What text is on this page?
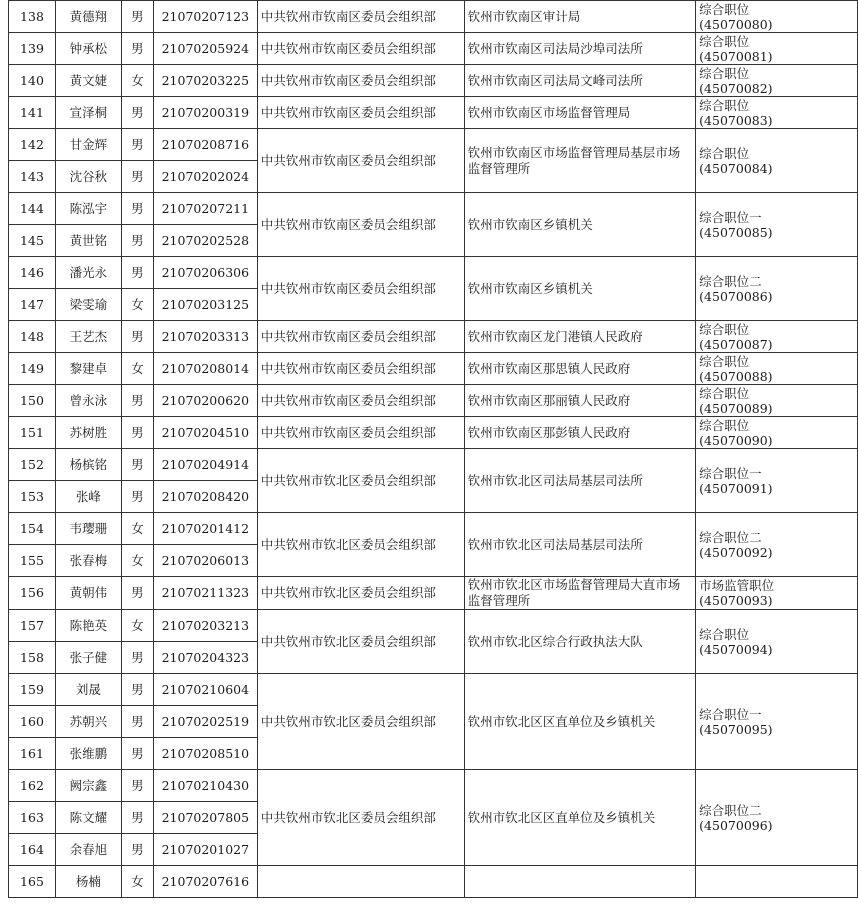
138	黄德翔	男	21070207123	中共钦州市钦南区委员会组织部	钦州市钦南区审计局	综合职位
(45070080)
139	钟承松	男	21070205924	中共钦州市钦南区委员会组织部	钦州市钦南区司法局沙埠司法所	综合职位
(45070081)
140	黄文婕	女	21070203225	中共钦州市钦南区委员会组织部	钦州市钦南区司法局文峰司法所	综合职位
(45070082)
141	宣泽桐	男	21070200319	中共钦州市钦南区委员会组织部	钦州市钦南区市场监督管理局	综合职位
(45070083)
142	甘金辉	男	21070208716	中共钦州市钦南区委员会组织部	钦州市钦南区市场监督管理局基层市场监督管理所	综合职位
(45070084)
143	沈谷秋	男	21070202024			
144	陈泓宇	男	21070207211	中共钦州市钦南区委员会组织部	钦州市钦南区乡镇机关	综合职位一
(45070085)
145	黄世铭	男	21070202528			
146	潘光永	男	21070206306	中共钦州市钦南区委员会组织部	钦州市钦南区乡镇机关	综合职位二
(45070086)
147	梁雯瑜	女	21070203125			
148	王艺杰	男	21070203313	中共钦州市钦南区委员会组织部	钦州市钦南区龙门港镇人民政府	综合职位
(45070087)
149	黎建卓	女	21070208014	中共钦州市钦南区委员会组织部	钦州市钦南区那思镇人民政府	综合职位
(45070088)
150	曾永泳	男	21070200620	中共钦州市钦南区委员会组织部	钦州市钦南区那丽镇人民政府	综合职位
(45070089)
151	苏树胜	男	21070204510	中共钦州市钦南区委员会组织部	钦州市钦南区那彭镇人民政府	综合职位
(45070090)
152	杨槟铭	男	21070204914	中共钦州市钦北区委员会组织部	钦州市钦北区司法局基层司法所	综合职位一
(45070091)
153	张峰	男	21070208420			
154	韦璎珊	女	21070201412	中共钦州市钦北区委员会组织部	钦州市钦北区司法局基层司法所	综合职位二
(45070092)
155	张春梅	女	21070206013			
156	黄朝伟	男	21070211323	中共钦州市钦北区委员会组织部	钦州市钦北区市场监督管理局大直市场监督管理所	市场监管职位
(45070093)
157	陈艳英	女	21070203213	中共钦州市钦北区委员会组织部	钦州市钦北区综合行政执法大队	综合职位
(45070094)
158	张子健	男	21070204323			
159	刘晟	男	21070210604	中共钦州市钦北区委员会组织部	钦州市钦北区区直单位及乡镇机关	综合职位一
(45070095)
160	苏朝兴	男	21070202519			
161	张维鹏	男	21070208510			
162	阙宗鑫	男	21070210430	中共钦州市钦北区委员会组织部	钦州市钦北区区直单位及乡镇机关	综合职位二
(45070096)
163	陈文耀	男	21070207805			
164	余春旭	男	21070201027			
165	杨楠	女	21070207616			
